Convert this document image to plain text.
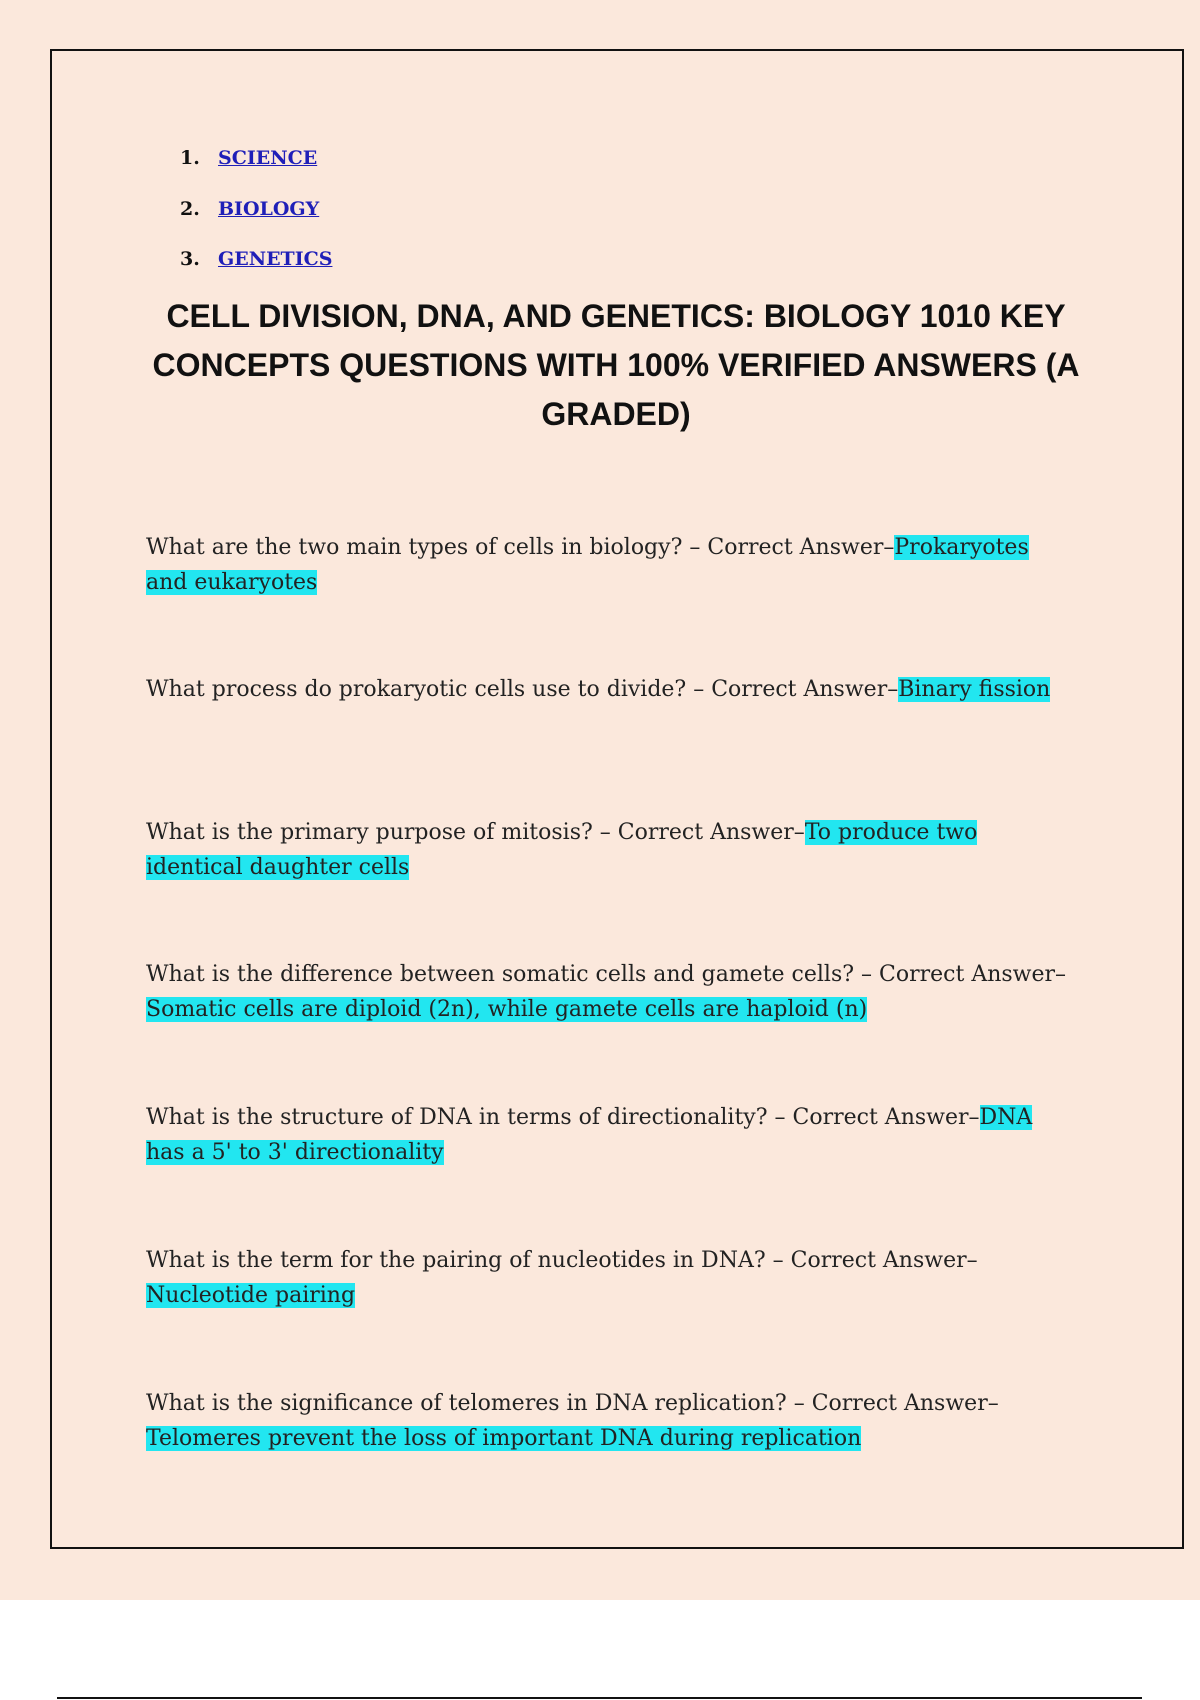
1. SCIENCE
2. BIOLOGY
3. GENETICS
CELL DIVISION, DNA, AND GENETICS: BIOLOGY 1010 KEY CONCEPTS QUESTIONS WITH 100% VERIFIED ANSWERS (A GRADED)

What are the two main types of cells in biology? – Correct Answer–Prokaryotes and eukaryotes

What process do prokaryotic cells use to divide? – Correct Answer–Binary fission

What is the primary purpose of mitosis? – Correct Answer–To produce two identical daughter cells

What is the difference between somatic cells and gamete cells? – Correct Answer–Somatic cells are diploid (2n), while gamete cells are haploid (n)

What is the structure of DNA in terms of directionality? – Correct Answer–DNA has a 5' to 3' directionality

What is the term for the pairing of nucleotides in DNA? – Correct Answer–Nucleotide pairing

What is the significance of telomeres in DNA replication? – Correct Answer–Telomeres prevent the loss of important DNA during replication
